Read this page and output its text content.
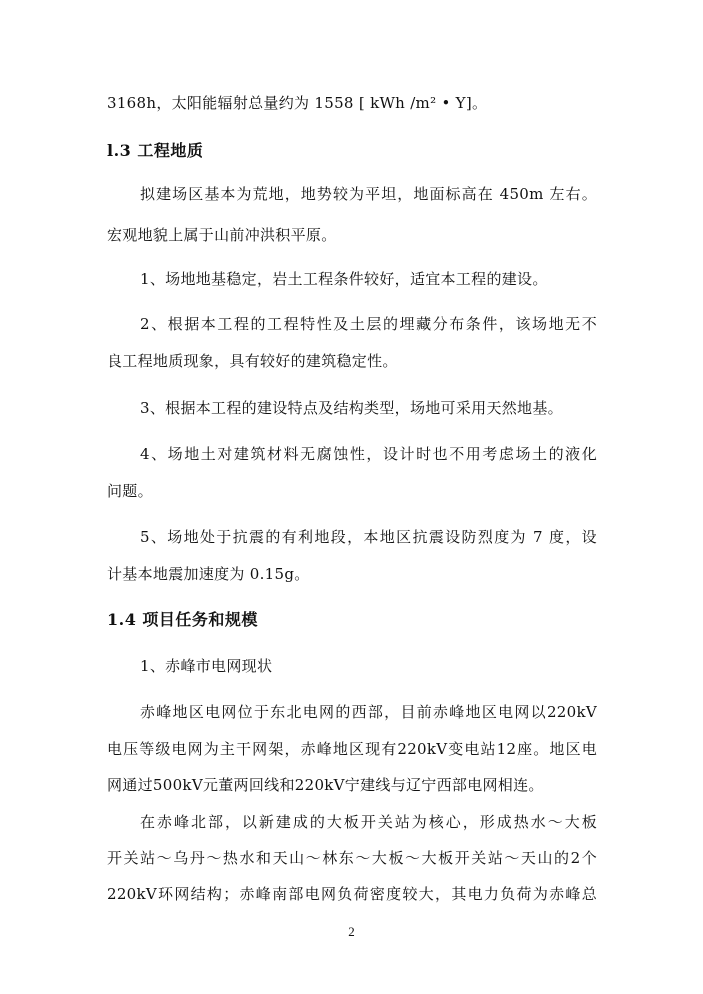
3168h，太阳能辐射总量约为 1558 [ kWh /m² • Y]。
l.3 工程地质
拟建场区基本为荒地，地势较为平坦，地面标高在 450m 左右。
宏观地貌上属于山前冲洪积平原。
1、场地地基稳定，岩土工程条件较好，适宜本工程的建设。
2、根据本工程的工程特性及土层的埋藏分布条件，该场地无不
良工程地质现象，具有较好的建筑稳定性。
3、根据本工程的建设特点及结构类型，场地可采用天然地基。
4、场地土对建筑材料无腐蚀性，设计时也不用考虑场土的液化
问题。
5、场地处于抗震的有利地段，本地区抗震设防烈度为 7 度，设
计基本地震加速度为 0.15g。
1.4 项目任务和规模
1、赤峰市电网现状
赤峰地区电网位于东北电网的西部，目前赤峰地区电网以220kV
电压等级电网为主干网架，赤峰地区现有220kV变电站12座。地区电
网通过500kV元董两回线和220kV宁建线与辽宁西部电网相连。
在赤峰北部，以新建成的大板开关站为核心，形成热水～大板
开关站～乌丹～热水和天山～林东～大板～大板开关站～天山的2个
220kV环网结构；赤峰南部电网负荷密度较大，其电力负荷为赤峰总
2
